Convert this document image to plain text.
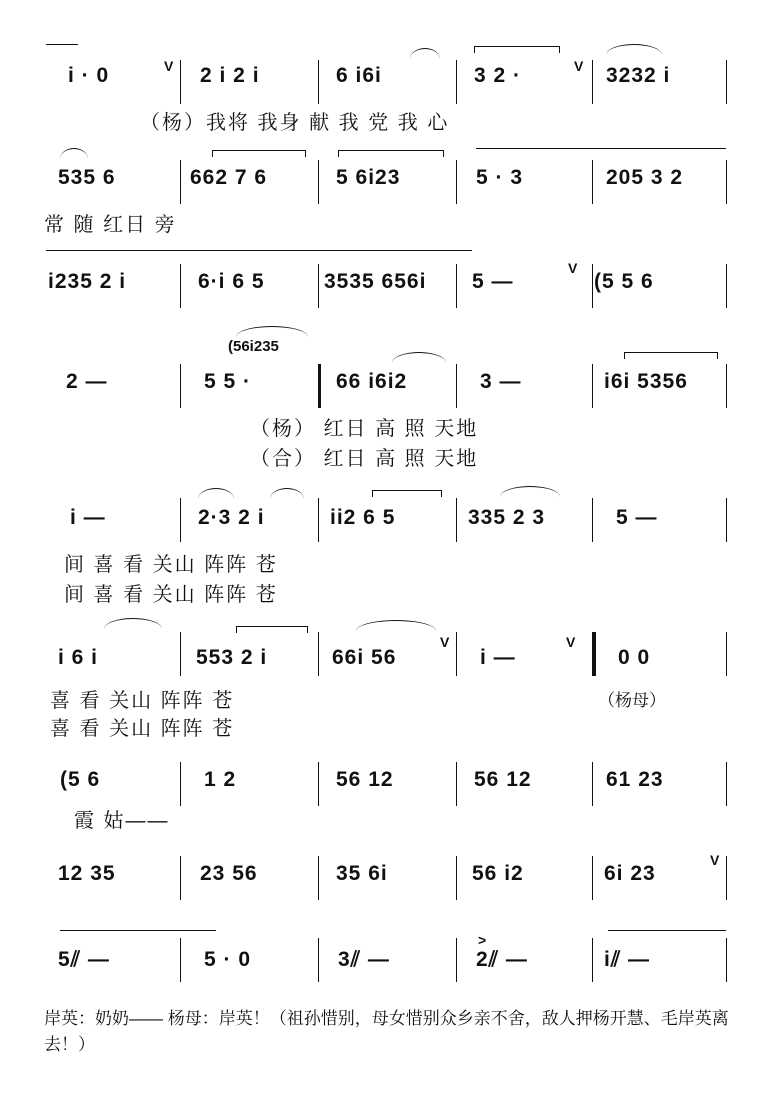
i · 0	V 2 i 2 i	6 i6i	3 2 ·	V 3232 i
（杨）我将 我身 献 我 党 我 心
535 6	662 7 6	5 6i23	5 · 3	205 3 2
常 随 红日 旁
i235 2 i	6·i 6 5	3535 656i 5 —
V
(5 5 6
(56i235
2 —	5 5 ·	66 i6i2	3 —	i6i 5356
（杨） 红日 高 照 天地
（合） 红日 高 照 天地
i —	2·3 2 i	ii2 6 5	335 2 3	5 —
间 喜 看 关山 阵阵 苍
间 喜 看 关山 阵阵 苍
i 6 i	553 2 i	66i 56
V
i —
V
0 0
喜 看 关山 阵阵 苍	（杨母）
喜 看 关山 阵阵 苍
(5 6	1 2	56 12	56 12	61 23
霞 姑——
12 35	23 56	35 6i	56 i2	6i 23
V
5⫽ —	5 · 0	3⫽ —
>
2⫽ —	i⫽ —
岸英：奶奶—— 杨母：岸英！（祖孙惜别，母女惜别众乡亲不舍，敌人押杨开慧、毛岸英离去！）
